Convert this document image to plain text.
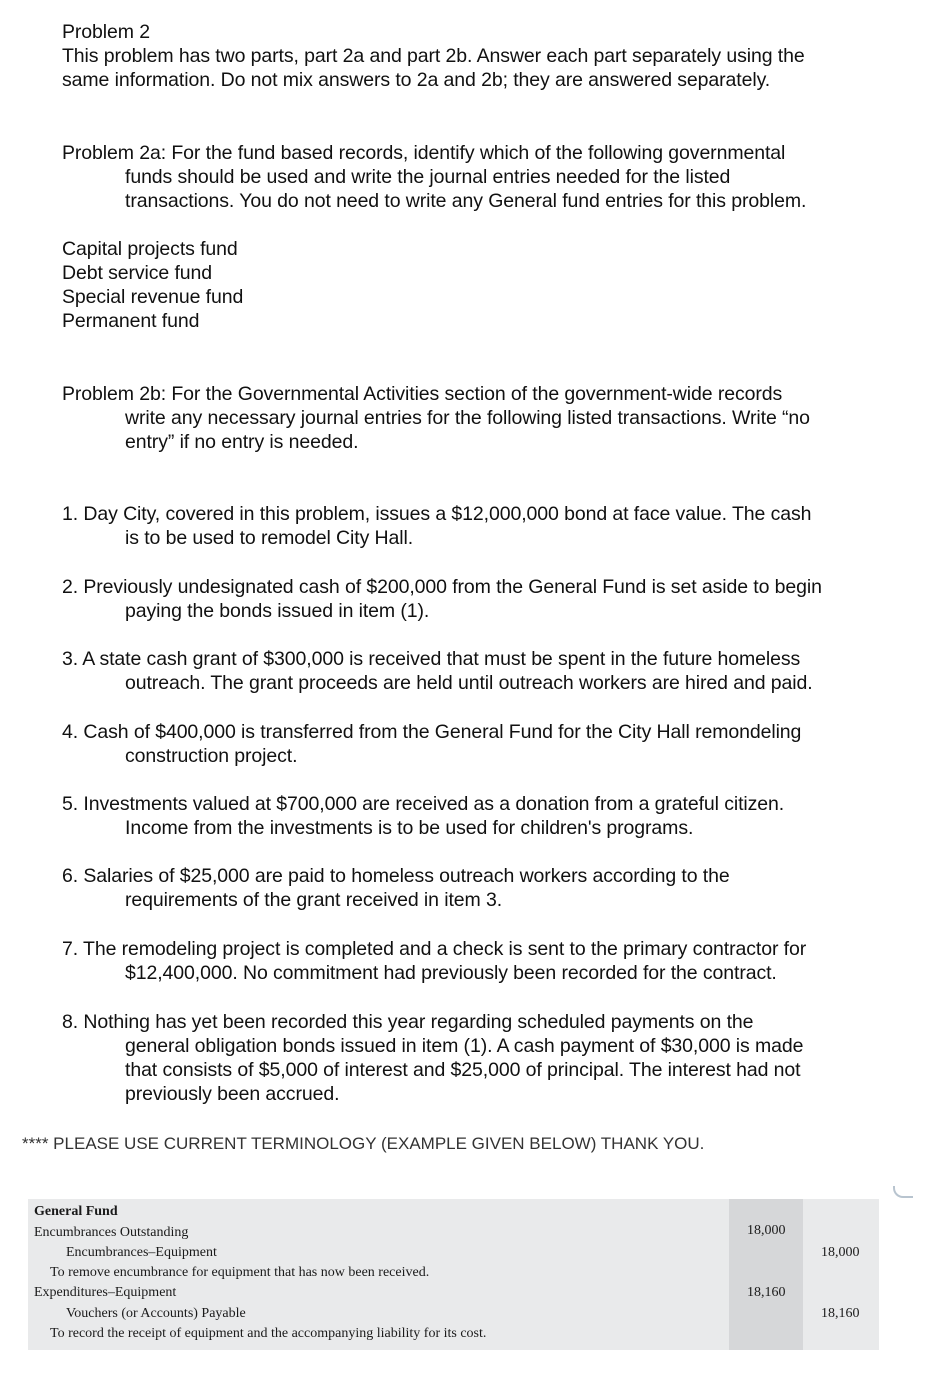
Problem 2
This problem has two parts, part 2a and part 2b. Answer each part separately using the
same information. Do not mix answers to 2a and 2b; they are answered separately.
Problem 2a: For the fund based records, identify which of the following governmental
funds should be used and write the journal entries needed for the listed
transactions. You do not need to write any General fund entries for this problem.
Capital projects fund
Debt service fund
Special revenue fund
Permanent fund
Problem 2b: For the Governmental Activities section of the government-wide records
write any necessary journal entries for the following listed transactions. Write “no
entry” if no entry is needed.
1. Day City, covered in this problem, issues a $12,000,000 bond at face value. The cash
is to be used to remodel City Hall.
2. Previously undesignated cash of $200,000 from the General Fund is set aside to begin
paying the bonds issued in item (1).
3. A state cash grant of $300,000 is received that must be spent in the future homeless
outreach. The grant proceeds are held until outreach workers are hired and paid.
4. Cash of $400,000 is transferred from the General Fund for the City Hall remondeling
construction project.
5. Investments valued at $700,000 are received as a donation from a grateful citizen.
Income from the investments is to be used for children's programs.
6. Salaries of $25,000 are paid to homeless outreach workers according to the
requirements of the grant received in item 3.
7. The remodeling project is completed and a check is sent to the primary contractor for
$12,400,000. No commitment had previously been recorded for the contract.
8. Nothing has yet been recorded this year regarding scheduled payments on the
general obligation bonds issued in item (1). A cash payment of $30,000 is made
that consists of $5,000 of interest and $25,000 of principal. The interest had not
previously been accrued.
**** PLEASE USE CURRENT TERMINOLOGY (EXAMPLE GIVEN BELOW) THANK YOU.
General Fund
Encumbrances Outstanding	18,000
Encumbrances–Equipment	18,000
To remove encumbrance for equipment that has now been received.
Expenditures–Equipment	18,160
Vouchers (or Accounts) Payable	18,160
To record the receipt of equipment and the accompanying liability for its cost.
